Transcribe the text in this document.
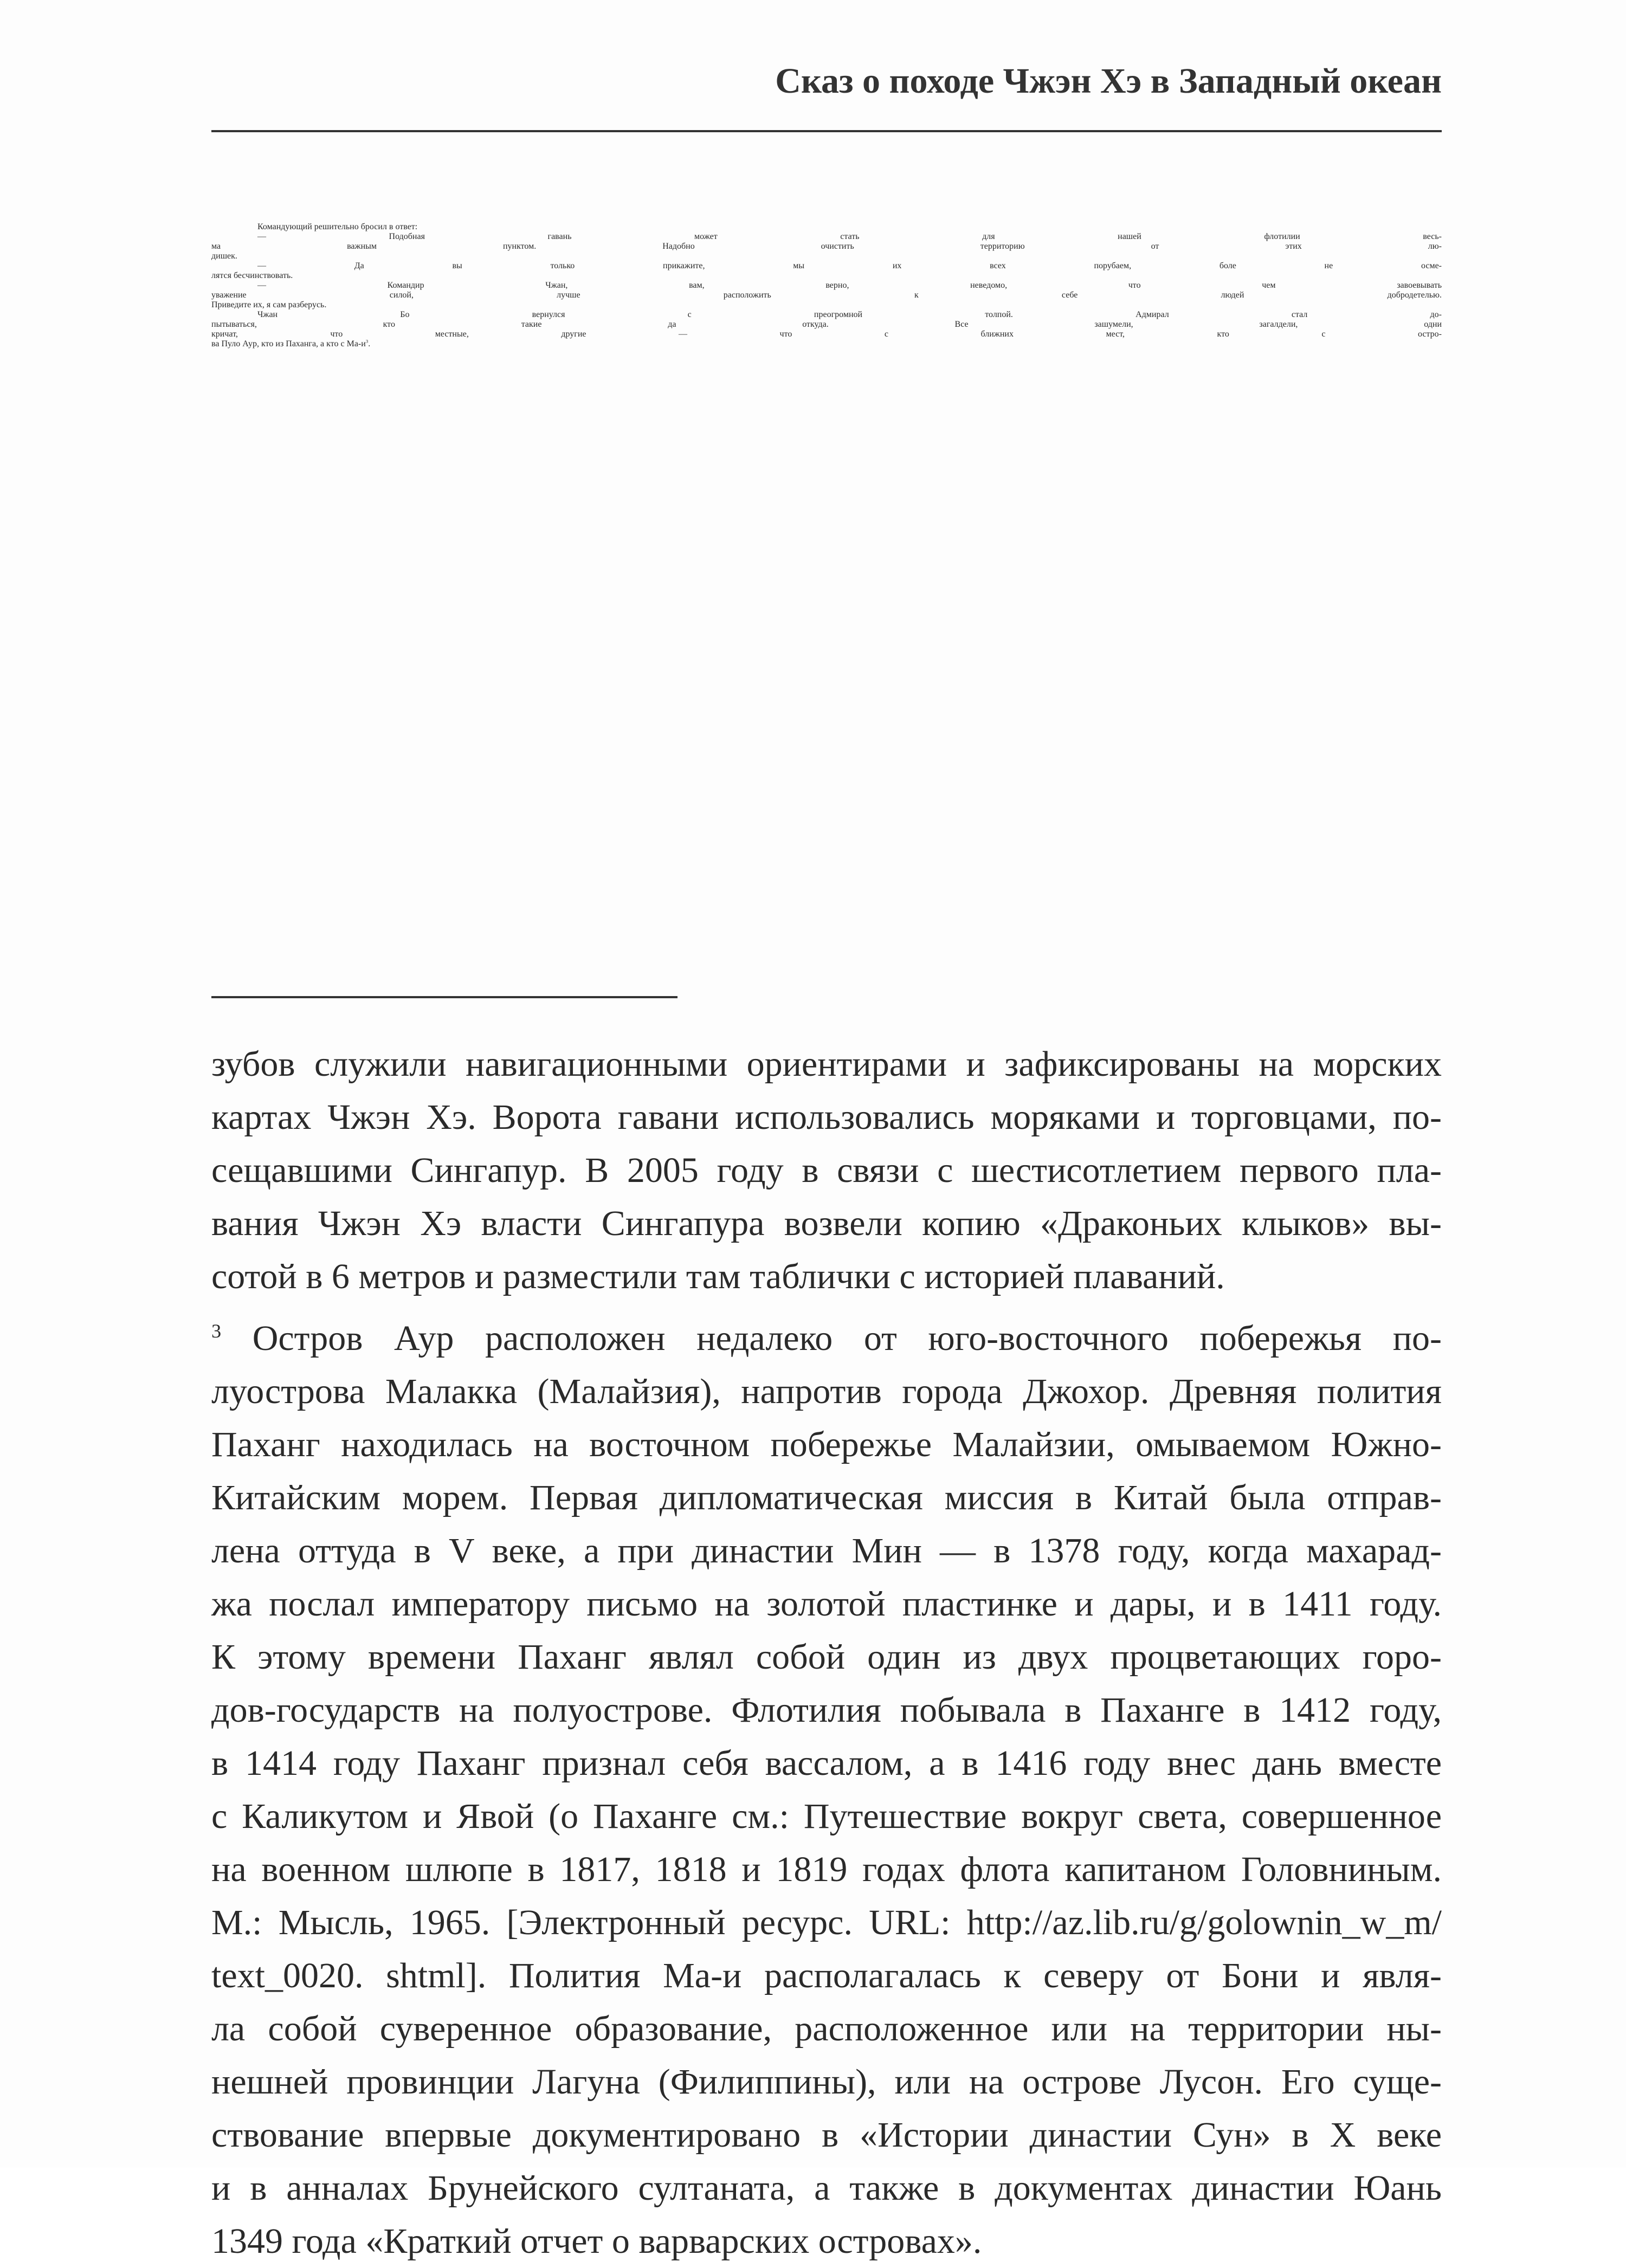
Сказ о походе Чжэн Хэ в Западный океан
Командующий решительно бросил в ответ:
— Подобная гавань может стать для нашей флотилии весь-
ма важным пунктом. Надобно очистить территорию от этих лю-
дишек.
— Да вы только прикажите, мы их всех порубаем, боле не осме-
лятся бесчинствовать.
— Командир Чжан, вам, верно, неведомо, что чем завоевывать
уважение силой, лучше расположить к себе людей добродетелью.
Приведите их, я сам разберусь.
Чжан Бо вернулся с преогромной толпой. Адмирал стал до-
пытываться, кто такие да откуда. Все зашумели, загалдели, одни
кричат, что местные, другие — что с ближних мест, кто с остро-
ва Пуло Аур, кто из Паханга, а кто с $Ма-и^3$.
зубов служили навигационными ориентирами и зафиксированы на морских
картах Чжэн Хэ. Ворота гавани использовались моряками и торговцами, по-
сещавшими Сингапур. В 2005 году в связи с шестисотлетием первого пла-
вания Чжэн Хэ власти Сингапура возвели копию «Драконьих клыков» вы-
сотой в 6 метров и разместили там таблички с историей плаваний.
$^3$ Остров Аур расположен недалеко от юго-восточного побережья по-
луострова Малакка (Малайзия), напротив города Джохор. Древняя полития
Паханг находилась на восточном побережье Малайзии, омываемом Южно-
Китайским морем. Первая дипломатическая миссия в Китай была отправ-
лена оттуда в V веке, а при династии Мин — в 1378 году, когда махарад-
жа послал императору письмо на золотой пластинке и дары, и в 1411 году.
К этому времени Паханг являл собой один из двух процветающих горо-
дов-государств на полуострове. Флотилия побывала в Паханге в 1412 году,
в 1414 году Паханг признал себя вассалом, а в 1416 году внес дань вместе
с Каликутом и Явой (о Паханге см.: Путешествие вокруг света, совершенное
на военном шлюпе в 1817, 1818 и 1819 годах флота капитаном Головниным.
М.: Мысль, 1965. [Электронный ресурс. URL: http://az.lib.ru/g/golownin_w_m/
text_0020. shtml]. Полития Ма-и располагалась к северу от Бони и явля-
ла собой суверенное образование, расположенное или на территории ны-
нешней провинции Лагуна (Филиппины), или на острове Лусон. Его суще-
ствование впервые документировано в «Истории династии Сун» в X веке
и в анналах Брунейского султаната, а также в документах династии Юань
1349 года «Краткий отчет о варварских островах».
